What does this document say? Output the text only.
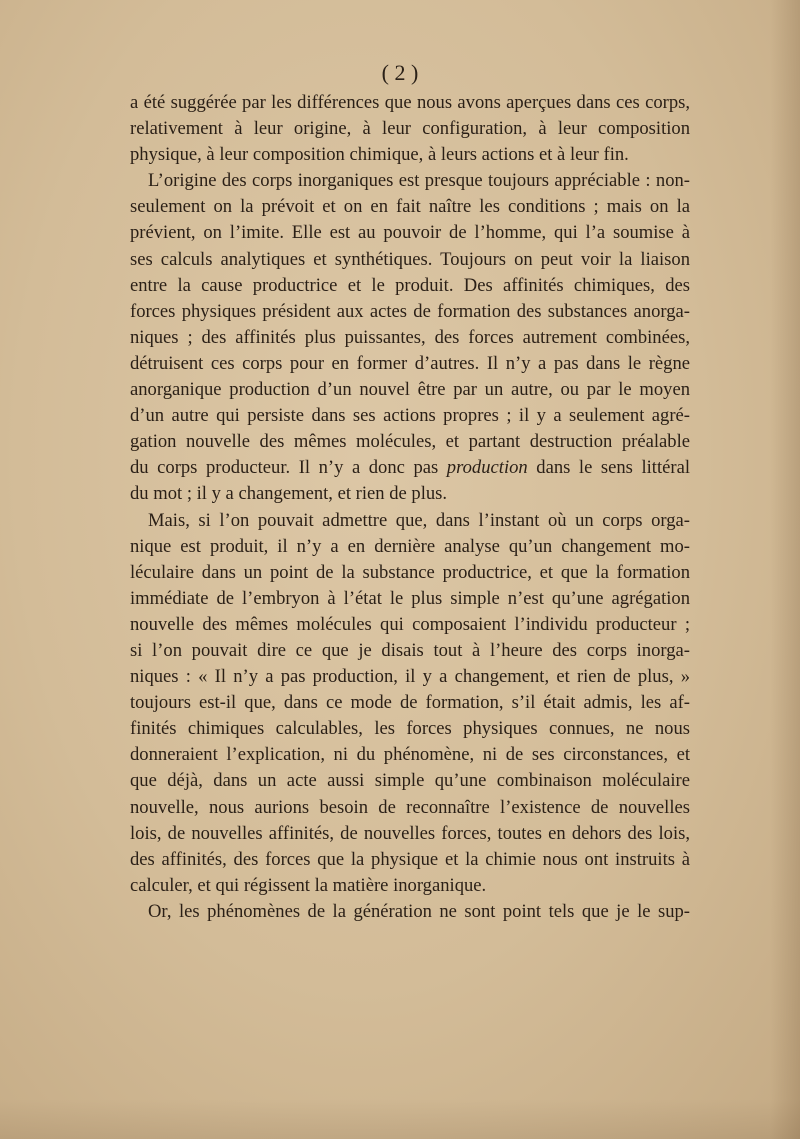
( 2 )
a été suggérée par les différences que nous avons aperçues dans ces corps,
relativement à leur origine, à leur configuration, à leur composition
physique, à leur composition chimique, à leurs actions et à leur fin.
L’origine des corps inorganiques est presque toujours appréciable : non-
seulement on la prévoit et on en fait naître les conditions ; mais on la
prévient, on l’imite. Elle est au pouvoir de l’homme, qui l’a soumise à
ses calculs analytiques et synthétiques. Toujours on peut voir la liaison
entre la cause productrice et le produit. Des affinités chimiques, des
forces physiques président aux actes de formation des substances anorga-
niques ; des affinités plus puissantes, des forces autrement combinées,
détruisent ces corps pour en former d’autres. Il n’y a pas dans le règne
anorganique production d’un nouvel être par un autre, ou par le moyen
d’un autre qui persiste dans ses actions propres ; il y a seulement agré-
gation nouvelle des mêmes molécules, et partant destruction préalable
du corps producteur. Il n’y a donc pas production dans le sens littéral
du mot ; il y a changement, et rien de plus.
Mais, si l’on pouvait admettre que, dans l’instant où un corps orga-
nique est produit, il n’y a en dernière analyse qu’un changement mo-
léculaire dans un point de la substance productrice, et que la formation
immédiate de l’embryon à l’état le plus simple n’est qu’une agrégation
nouvelle des mêmes molécules qui composaient l’individu producteur ;
si l’on pouvait dire ce que je disais tout à l’heure des corps inorga-
niques : « Il n’y a pas production, il y a changement, et rien de plus, »
toujours est-il que, dans ce mode de formation, s’il était admis, les af-
finités chimiques calculables, les forces physiques connues, ne nous
donneraient l’explication, ni du phénomène, ni de ses circonstances, et
que déjà, dans un acte aussi simple qu’une combinaison moléculaire
nouvelle, nous aurions besoin de reconnaître l’existence de nouvelles
lois, de nouvelles affinités, de nouvelles forces, toutes en dehors des lois,
des affinités, des forces que la physique et la chimie nous ont instruits à
calculer, et qui régissent la matière inorganique.
Or, les phénomènes de la génération ne sont point tels que je le sup-
